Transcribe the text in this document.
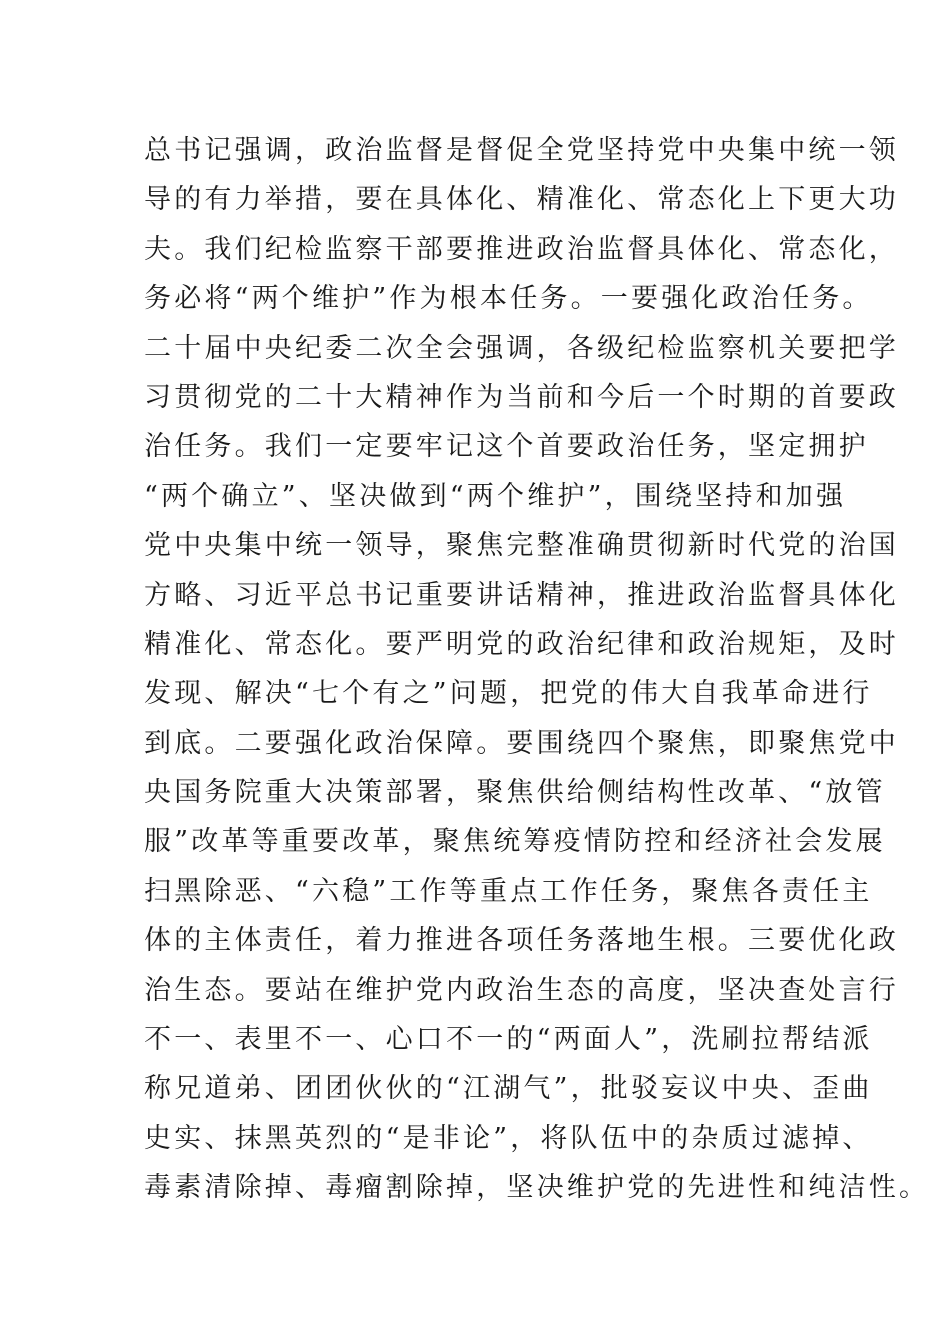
总书记强调，政治监督是督促全党坚持党中央集中统一领
导的有力举措，要在具体化、精准化、常态化上下更大功
夫。我们纪检监察干部要推进政治监督具体化、常态化，
务必将“两个维护”作为根本任务。一要强化政治任务。
二十届中央纪委二次全会强调，各级纪检监察机关要把学
习贯彻党的二十大精神作为当前和今后一个时期的首要政
治任务。我们一定要牢记这个首要政治任务，坚定拥护
“两个确立”、坚决做到“两个维护”，围绕坚持和加强
党中央集中统一领导，聚焦完整准确贯彻新时代党的治国
方略、习近平总书记重要讲话精神，推进政治监督具体化
精准化、常态化。要严明党的政治纪律和政治规矩，及时
发现、解决“七个有之”问题，把党的伟大自我革命进行
到底。二要强化政治保障。要围绕四个聚焦，即聚焦党中
央国务院重大决策部署，聚焦供给侧结构性改革、“放管
服”改革等重要改革，聚焦统筹疫情防控和经济社会发展
扫黑除恶、“六稳”工作等重点工作任务，聚焦各责任主
体的主体责任，着力推进各项任务落地生根。三要优化政
治生态。要站在维护党内政治生态的高度，坚决查处言行
不一、表里不一、心口不一的“两面人”，洗刷拉帮结派
称兄道弟、团团伙伙的“江湖气”，批驳妄议中央、歪曲
史实、抹黑英烈的“是非论”，将队伍中的杂质过滤掉、
毒素清除掉、毒瘤割除掉，坚决维护党的先进性和纯洁性。
